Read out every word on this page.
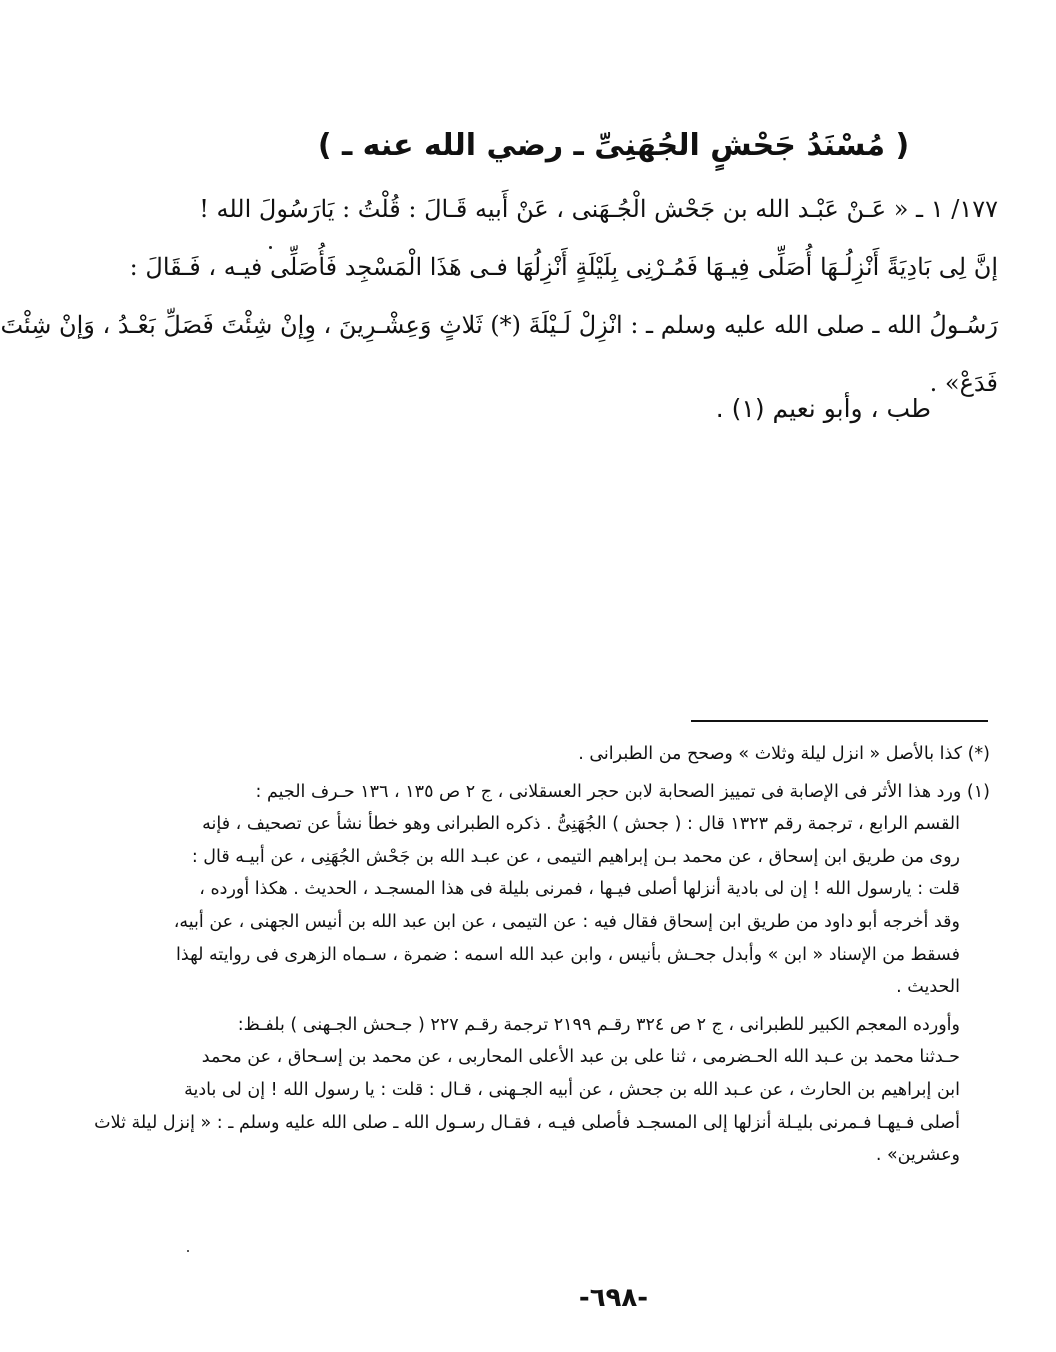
( مُسْنَدُ جَحْشٍ الجُهَنِىِّ ـ رضي الله عنه ـ )
١٧٧/ ١ ـ « عَـنْ عَبْـد الله بن جَحْش الْجُـهَنى ، عَنْ أَبيه قَـالَ : قُلْتُ : يَارَسُولَ الله !
إنَّ لِى بَادِيَةً أَنْزِلُـهَا أُصَلِّى فِيـهَا فَمُـرْنِى بِلَيْلَةٍ أَنْزِلُهَا فـى هَذَا الْمَسْجِد فَأُصَلِّى فيـه ، فَـقَالَ :
رَسُـولُ الله ـ صلى الله عليه وسلم ـ : انْزِلْ لَـيْلَةَ (*) ثَلاثٍ وَعِشْـرِينَ ، وِإنْ شِئْتَ فَصَلِّ بَعْـدُ ، وَإنْ شِئْتَ
فَدَعْ» .
طب ، وأبو نعيم (١) .
(*) كذا بالأصل « انزل ليلة وثلاث » وصحح من الطبرانى .
(١) ورد هذا الأثر فى الإصابة فى تمييز الصحابة لابن حجر العسقلانى ، ج ٢ ص ١٣٥ ، ١٣٦ حـرف الجيم :
القسم الرابع ، ترجمة رقم ١٣٢٣ قال : ( جحش ) الجُهَنِىُّ . ذكره الطبرانى وهو خطأ نشأ عن تصحيف ، فإنه
روى من طريق ابن إسحاق ، عن محمد بـن إبراهيم التيمى ، عن عبـد الله بن جَحْش الجُهَنِى ، عن أبيـه قال :
قلت : يارسول الله ! إن لى بادية أنزلها أصلى فيـها ، فمرنى بليلة فى هذا المسجـد ، الحديث . هكذا أورده ،
وقد أخرجه أبو داود من طريق ابن إسحاق فقال فيه : عن التيمى ، عن ابن عبد الله بن أنيس الجهنى ، عن أبيه،
فسقط من الإسناد « ابن » وأبدل جحـش بأنيس ، وابن عبد الله اسمه : ضمرة ، سـماه الزهرى فى روايته لهذا
الحديث .
وأورده المعجم الكبير للطبرانى ، ج ٢ ص ٣٢٤ رقـم ٢١٩٩ ترجمة رقـم ٢٢٧ ( جـحش الجـهنى ) بلفـظ:
حـدثنا محمد بن عـبد الله الحـضرمى ، ثنا على بن عبد الأعلى المحاربى ، عن محمد بن إسـحاق ، عن محمد
ابن إبراهيم بن الحارث ، عن عـبد الله بن جحش ، عن أبيه الجـهنى ، قـال : قلت : يا رسول الله ! إن لى بادية
أصلى فـيهـا فـمرنى بليـلة أنزلها إلى المسجـد فأصلى فيـه ، فقـال رسـول الله ـ صلى الله عليه وسلم ـ : « إنزل ليلة ثلاث
وعشرين» .
-٦٩٨-
